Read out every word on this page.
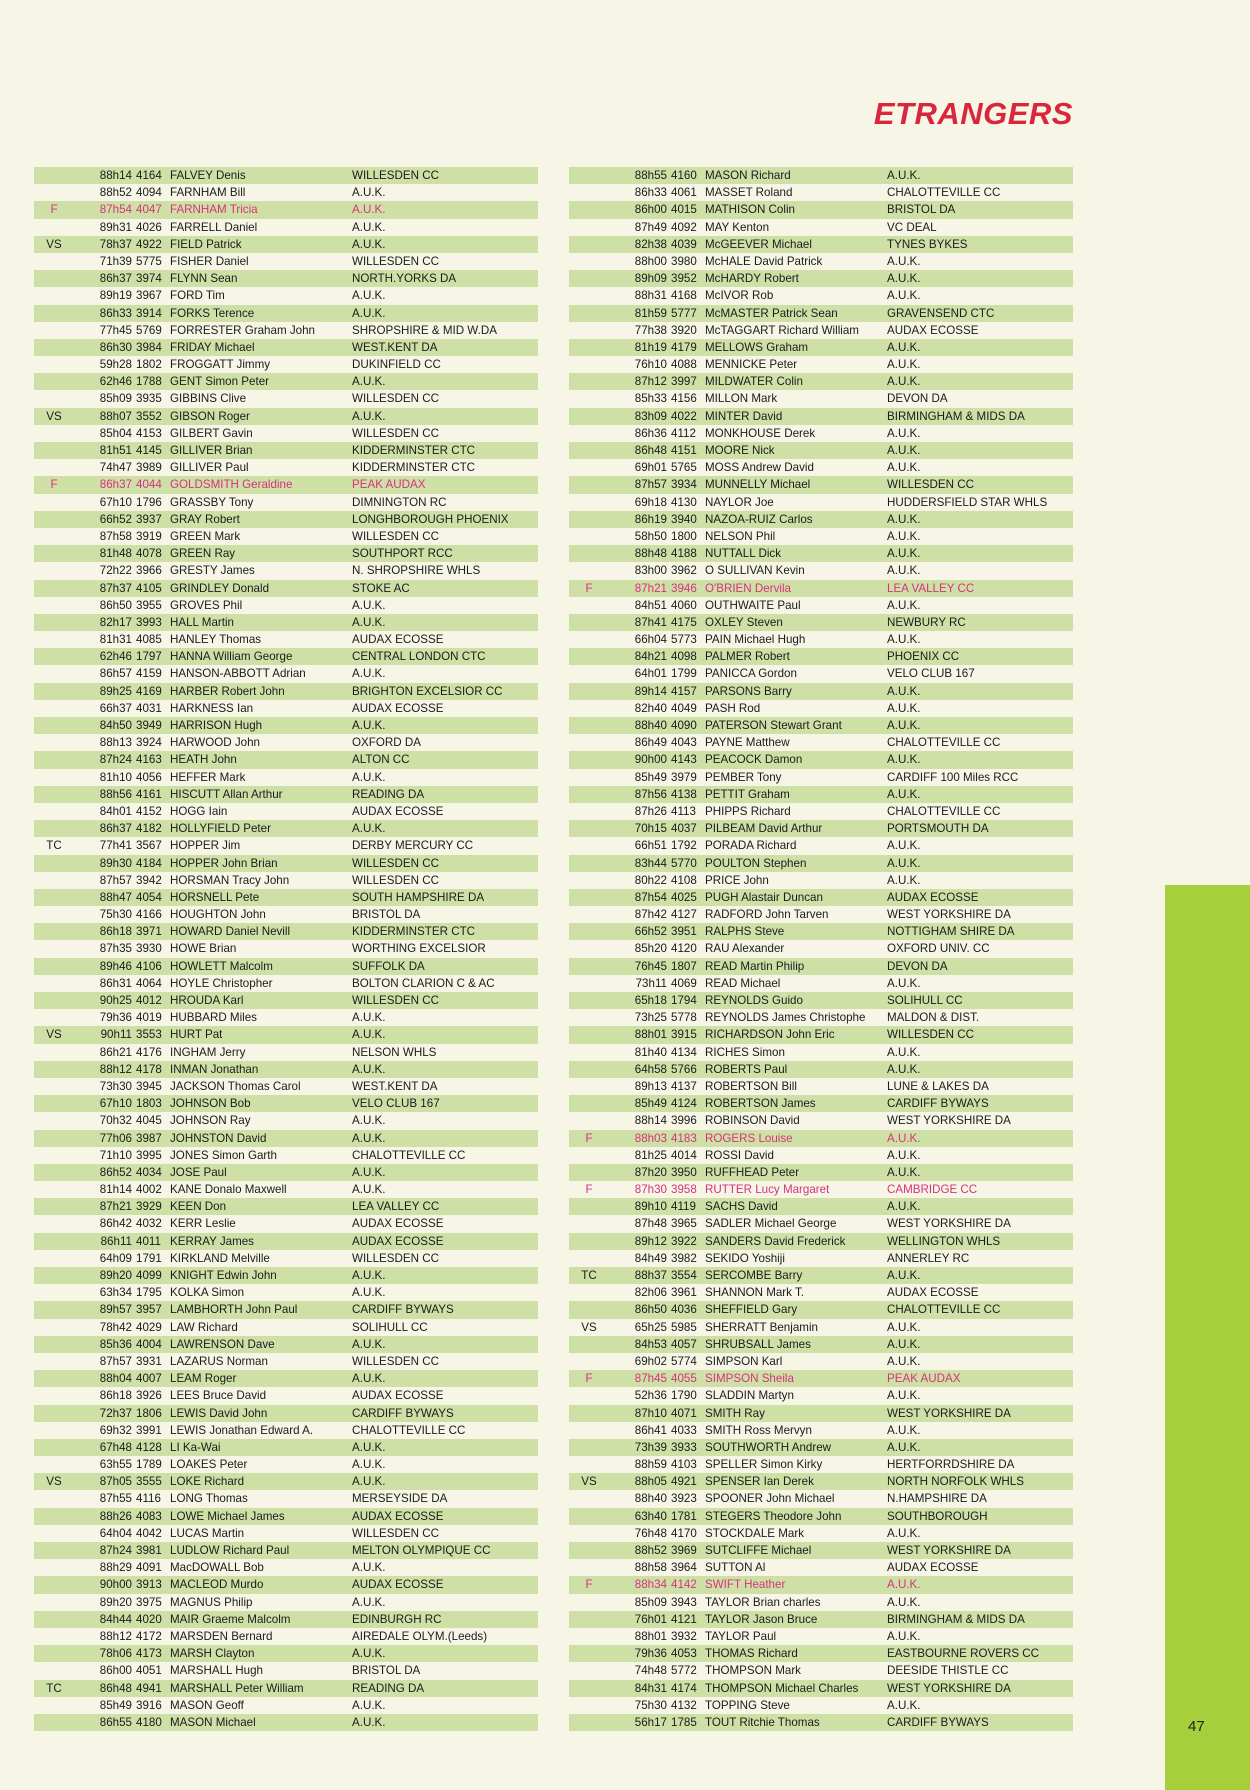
ETRANGERS
88h14 4164 FALVEY Denis	WILLESDEN CC
88h52 4094 FARNHAM Bill	A.U.K.
F	87h54 4047 FARNHAM Tricia	A.U.K.
89h31 4026 FARRELL Daniel	A.U.K.
VS	78h37 4922 FIELD Patrick	A.U.K.
71h39 5775 FISHER Daniel	WILLESDEN CC
86h37 3974 FLYNN Sean	NORTH.YORKS DA
89h19 3967 FORD Tim	A.U.K.
86h33 3914 FORKS Terence	A.U.K.
77h45 5769 FORRESTER Graham John	SHROPSHIRE & MID W.DA
86h30 3984 FRIDAY Michael	WEST.KENT DA
59h28 1802 FROGGATT Jimmy	DUKINFIELD CC
62h46 1788 GENT Simon Peter	A.U.K.
85h09 3935 GIBBINS Clive	WILLESDEN CC
VS	88h07 3552 GIBSON Roger	A.U.K.
85h04 4153 GILBERT Gavin	WILLESDEN CC
81h51 4145 GILLIVER Brian	KIDDERMINSTER CTC
74h47 3989 GILLIVER Paul	KIDDERMINSTER CTC
F	86h37 4044 GOLDSMITH Geraldine	PEAK AUDAX
67h10 1796 GRASSBY Tony	DIMNINGTON RC
66h52 3937 GRAY Robert	LONGHBOROUGH PHOENIX
87h58 3919 GREEN Mark	WILLESDEN CC
81h48 4078 GREEN Ray	SOUTHPORT RCC
72h22 3966 GRESTY James	N. SHROPSHIRE WHLS
87h37 4105 GRINDLEY Donald	STOKE AC
86h50 3955 GROVES Phil	A.U.K.
82h17 3993 HALL Martin	A.U.K.
81h31 4085 HANLEY Thomas	AUDAX ECOSSE
62h46 1797 HANNA William George	CENTRAL LONDON CTC
86h57 4159 HANSON-ABBOTT Adrian	A.U.K.
89h25 4169 HARBER Robert John	BRIGHTON EXCELSIOR CC
66h37 4031 HARKNESS Ian	AUDAX ECOSSE
84h50 3949 HARRISON Hugh	A.U.K.
88h13 3924 HARWOOD John	OXFORD DA
87h24 4163 HEATH John	ALTON CC
81h10 4056 HEFFER Mark	A.U.K.
88h56 4161 HISCUTT Allan Arthur	READING DA
84h01 4152 HOGG Iain	AUDAX ECOSSE
86h37 4182 HOLLYFIELD Peter	A.U.K.
TC	77h41 3567 HOPPER Jim	DERBY MERCURY CC
89h30 4184 HOPPER John Brian	WILLESDEN CC
87h57 3942 HORSMAN Tracy John	WILLESDEN CC
88h47 4054 HORSNELL Pete	SOUTH HAMPSHIRE DA
75h30 4166 HOUGHTON John	BRISTOL DA
86h18 3971 HOWARD Daniel Nevill	KIDDERMINSTER CTC
87h35 3930 HOWE Brian	WORTHING EXCELSIOR
89h46 4106 HOWLETT Malcolm	SUFFOLK DA
86h31 4064 HOYLE Christopher	BOLTON CLARION C & AC
90h25 4012 HROUDA Karl	WILLESDEN CC
79h36 4019 HUBBARD Miles	A.U.K.
VS	90h11 3553 HURT Pat	A.U.K.
86h21 4176 INGHAM Jerry	NELSON WHLS
88h12 4178 INMAN Jonathan	A.U.K.
73h30 3945 JACKSON Thomas Carol	WEST.KENT DA
67h10 1803 JOHNSON Bob	VELO CLUB 167
70h32 4045 JOHNSON Ray	A.U.K.
77h06 3987 JOHNSTON David	A.U.K.
71h10 3995 JONES Simon Garth	CHALOTTEVILLE CC
86h52 4034 JOSE Paul	A.U.K.
81h14 4002 KANE Donalo Maxwell	A.U.K.
87h21 3929 KEEN Don	LEA VALLEY CC
86h42 4032 KERR Leslie	AUDAX ECOSSE
86h11 4011 KERRAY James	AUDAX ECOSSE
64h09 1791 KIRKLAND Melville	WILLESDEN CC
89h20 4099 KNIGHT Edwin John	A.U.K.
63h34 1795 KOLKA Simon	A.U.K.
89h57 3957 LAMBHORTH John Paul	CARDIFF BYWAYS
78h42 4029 LAW Richard	SOLIHULL CC
85h36 4004 LAWRENSON Dave	A.U.K.
87h57 3931 LAZARUS Norman	WILLESDEN CC
88h04 4007 LEAM Roger	A.U.K.
86h18 3926 LEES Bruce David	AUDAX ECOSSE
72h37 1806 LEWIS David John	CARDIFF BYWAYS
69h32 3991 LEWIS Jonathan Edward A.	CHALOTTEVILLE CC
67h48 4128 LI Ka-Wai	A.U.K.
63h55 1789 LOAKES Peter	A.U.K.
VS	87h05 3555 LOKE Richard	A.U.K.
87h55 4116 LONG Thomas	MERSEYSIDE DA
88h26 4083 LOWE Michael James	AUDAX ECOSSE
64h04 4042 LUCAS Martin	WILLESDEN CC
87h24 3981 LUDLOW Richard Paul	MELTON OLYMPIQUE CC
88h29 4091 MacDOWALL Bob	A.U.K.
90h00 3913 MACLEOD Murdo	AUDAX ECOSSE
89h20 3975 MAGNUS Philip	A.U.K.
84h44 4020 MAIR Graeme Malcolm	EDINBURGH RC
88h12 4172 MARSDEN Bernard	AIREDALE OLYM.(Leeds)
78h06 4173 MARSH Clayton	A.U.K.
86h00 4051 MARSHALL Hugh	BRISTOL DA
TC	86h48 4941 MARSHALL Peter William	READING DA
85h49 3916 MASON Geoff	A.U.K.
86h55 4180 MASON Michael	A.U.K.
88h55 4160 MASON Richard	A.U.K.
86h33 4061 MASSET Roland	CHALOTTEVILLE CC
86h00 4015 MATHISON Colin	BRISTOL DA
87h49 4092 MAY Kenton	VC DEAL
82h38 4039 McGEEVER Michael	TYNES BYKES
88h00 3980 McHALE David Patrick	A.U.K.
89h09 3952 McHARDY Robert	A.U.K.
88h31 4168 McIVOR Rob	A.U.K.
81h59 5777 McMASTER Patrick Sean	GRAVENSEND CTC
77h38 3920 McTAGGART Richard William	AUDAX ECOSSE
81h19 4179 MELLOWS Graham	A.U.K.
76h10 4088 MENNICKE Peter	A.U.K.
87h12 3997 MILDWATER Colin	A.U.K.
85h33 4156 MILLON Mark	DEVON DA
83h09 4022 MINTER David	BIRMINGHAM & MIDS DA
86h36 4112 MONKHOUSE Derek	A.U.K.
86h48 4151 MOORE Nick	A.U.K.
69h01 5765 MOSS Andrew David	A.U.K.
87h57 3934 MUNNELLY Michael	WILLESDEN CC
69h18 4130 NAYLOR Joe	HUDDERSFIELD STAR WHLS
86h19 3940 NAZOA-RUIZ Carlos	A.U.K.
58h50 1800 NELSON Phil	A.U.K.
88h48 4188 NUTTALL Dick	A.U.K.
83h00 3962 O SULLIVAN Kevin	A.U.K.
F	87h21 3946 O'BRIEN Dervila	LEA VALLEY CC
84h51 4060 OUTHWAITE Paul	A.U.K.
87h41 4175 OXLEY Steven	NEWBURY RC
66h04 5773 PAIN Michael Hugh	A.U.K.
84h21 4098 PALMER Robert	PHOENIX CC
64h01 1799 PANICCA Gordon	VELO CLUB 167
89h14 4157 PARSONS Barry	A.U.K.
82h40 4049 PASH Rod	A.U.K.
88h40 4090 PATERSON Stewart Grant	A.U.K.
86h49 4043 PAYNE Matthew	CHALOTTEVILLE CC
90h00 4143 PEACOCK Damon	A.U.K.
85h49 3979 PEMBER Tony	CARDIFF 100 Miles RCC
87h56 4138 PETTIT Graham	A.U.K.
87h26 4113 PHIPPS Richard	CHALOTTEVILLE CC
70h15 4037 PILBEAM David Arthur	PORTSMOUTH DA
66h51 1792 PORADA Richard	A.U.K.
83h44 5770 POULTON Stephen	A.U.K.
80h22 4108 PRICE John	A.U.K.
87h54 4025 PUGH Alastair Duncan	AUDAX ECOSSE
87h42 4127 RADFORD John Tarven	WEST YORKSHIRE DA
66h52 3951 RALPHS Steve	NOTTIGHAM SHIRE DA
85h20 4120 RAU Alexander	OXFORD UNIV. CC
76h45 1807 READ Martin Philip	DEVON DA
73h11 4069 READ Michael	A.U.K.
65h18 1794 REYNOLDS Guido	SOLIHULL CC
73h25 5778 REYNOLDS James Christophe	MALDON & DIST.
88h01 3915 RICHARDSON John Eric	WILLESDEN CC
81h40 4134 RICHES Simon	A.U.K.
64h58 5766 ROBERTS Paul	A.U.K.
89h13 4137 ROBERTSON Bill	LUNE & LAKES DA
85h49 4124 ROBERTSON James	CARDIFF BYWAYS
88h14 3996 ROBINSON David	WEST YORKSHIRE DA
F	88h03 4183 ROGERS Louise	A.U.K.
81h25 4014 ROSSI David	A.U.K.
87h20 3950 RUFFHEAD Peter	A.U.K.
F	87h30 3958 RUTTER Lucy Margaret	CAMBRIDGE CC
89h10 4119 SACHS David	A.U.K.
87h48 3965 SADLER Michael George	WEST YORKSHIRE DA
89h12 3922 SANDERS David Frederick	WELLINGTON WHLS
84h49 3982 SEKIDO Yoshiji	ANNERLEY RC
TC	88h37 3554 SERCOMBE Barry	A.U.K.
82h06 3961 SHANNON Mark T.	AUDAX ECOSSE
86h50 4036 SHEFFIELD Gary	CHALOTTEVILLE CC
VS	65h25 5985 SHERRATT Benjamin	A.U.K.
84h53 4057 SHRUBSALL James	A.U.K.
69h02 5774 SIMPSON Karl	A.U.K.
F	87h45 4055 SIMPSON Sheila	PEAK AUDAX
52h36 1790 SLADDIN Martyn	A.U.K.
87h10 4071 SMITH Ray	WEST YORKSHIRE DA
86h41 4033 SMITH Ross Mervyn	A.U.K.
73h39 3933 SOUTHWORTH Andrew	A.U.K.
88h59 4103 SPELLER Simon Kirky	HERTFORRDSHIRE DA
VS	88h05 4921 SPENSER Ian Derek	NORTH NORFOLK WHLS
88h40 3923 SPOONER John Michael	N.HAMPSHIRE DA
63h40 1781 STEGERS Theodore John	SOUTHBOROUGH
76h48 4170 STOCKDALE Mark	A.U.K.
88h52 3969 SUTCLIFFE Michael	WEST YORKSHIRE DA
88h58 3964 SUTTON Al	AUDAX ECOSSE
F	88h34 4142 SWIFT Heather	A.U.K.
85h09 3943 TAYLOR Brian charles	A.U.K.
76h01 4121 TAYLOR Jason Bruce	BIRMINGHAM & MIDS DA
88h01 3932 TAYLOR Paul	A.U.K.
79h36 4053 THOMAS Richard	EASTBOURNE ROVERS CC
74h48 5772 THOMPSON Mark	DEESIDE THISTLE CC
84h31 4174 THOMPSON Michael Charles	WEST YORKSHIRE DA
75h30 4132 TOPPING Steve	A.U.K.
56h17 1785 TOUT Ritchie Thomas	CARDIFF BYWAYS	47
